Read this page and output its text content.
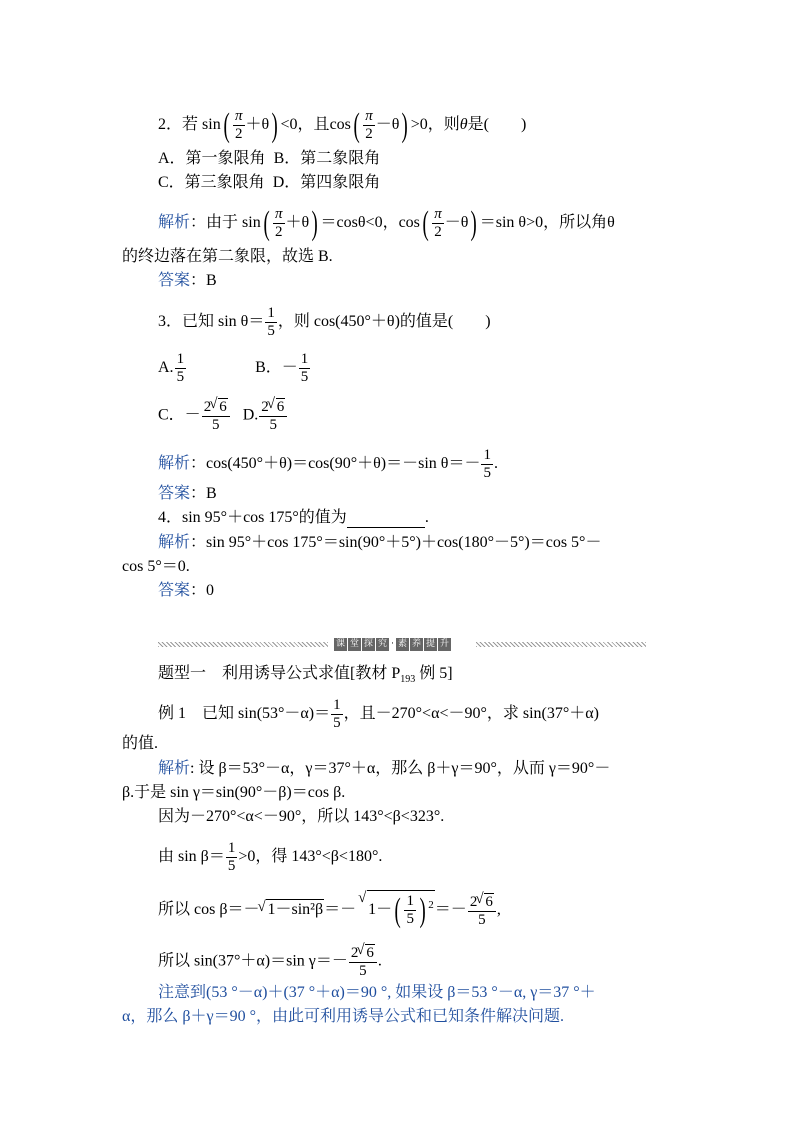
2．若 $\sin( \frac{\pi}{2} +\theta) <0$，且$\cos( \frac{\pi}{2} -\theta) >0$，则θ是(　　)
A．第一象限角 B．第二象限角
C．第三象限角 D．第四象限角
解析：由于 $\sin( \frac{\pi}{2} +\theta) =\cos\theta<0$，$\cos( \frac{\pi}{2} -\theta) =\sin$ θ>0，所以角θ
的终边落在第二象限，故选 B.
答案：B
3．已知 $\sin \theta= \frac{1}{5}$ ，则 cos(450°＋θ)的值是(　　)
A. $\frac{1}{5}$	B．－ $\frac{1}{5}$
C．－ $\frac{2 √ 6}{5} D$. $\frac{2 √ 6}{5}$
解析：cos(450°＋θ)＝cos(90°＋θ)＝－sin $\theta=- \frac{1}{5}$ .
答案：B
4．sin 95°＋cos 175°的值为	.
解析：sin 95°＋cos 175°＝sin(90°＋5°)＋cos(180°－5°)＝cos 5°－
cos 5°＝0.
答案：0
课 堂 探 究 · 素 养 提 升
题型一　利用诱导公式求值[教材 $P_{193}$ 例 5]
例 1 已知 $\sin(53^\circ-\alpha)= \frac{1}{5}$ ，且－270°<α<－90°，求 sin(37°＋α)
的值.
解析: 设 β＝53°－α，γ＝37°＋α，那么 β＋γ＝90°，从而 γ＝90°－
β.于是 sin γ＝sin(90°－β)＝cos β.
因为－270°<α<－90°，所以 143°<β<323°.
由 $\sin \beta= \frac{1}{5} >0$，得 143°<β<180°.
所以 cos β＝－ √ 1－sin²β＝－ √ $1-( \frac{1}{5}$ ) $^2=- \frac{2 √ 6}{5}$ ,
所以 sin(37°＋α)＝sin $\gamma=- \frac{2 √ 6}{5}$ .
注意到(53 °－α)＋(37 °＋α)＝90 °, 如果设 β＝53 °－α, γ＝37 °＋
α，那么 β＋γ＝90 °，由此可利用诱导公式和已知条件解决问题.
